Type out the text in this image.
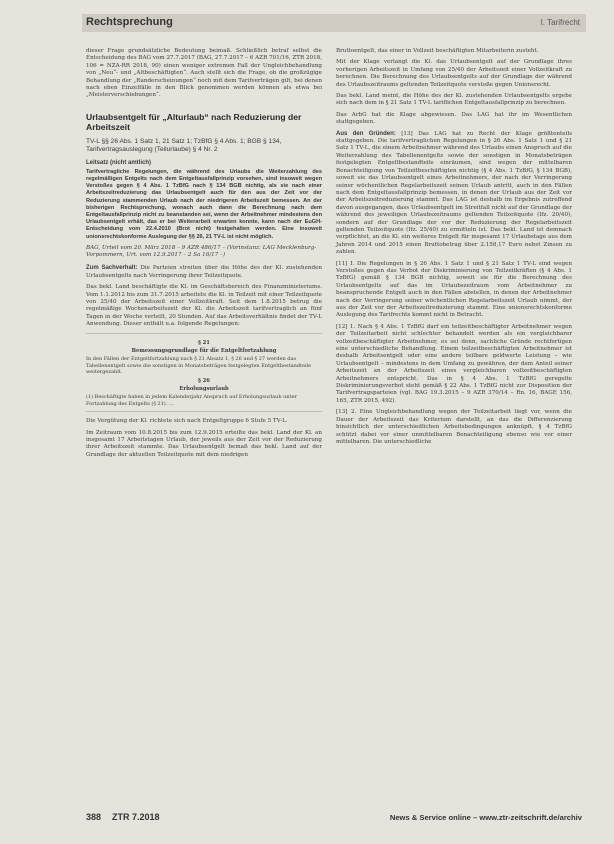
Rechtsprechung	I. Tarifrecht

dieser Frage grundsätzliche Bedeutung beimaß. Schließlich betraf selbst die Entscheidung des BAG vom 27.7.2017 (BAG, 27.7.2017 – 6 AZR 701/16, ZTR 2018, 106 = NZA-RR 2018, 90) einen weniger extremen Fall der Ungleichbehandlung von „Neu“- und „Altbeschäftigten“. Auch stellt sich die Frage, ob die großzügige Behandlung der „Randerscheinungen“ noch mit dem Tarifverträgen gilt, bei denen nach eben Einzelfälle in den Blick genommen werden können als etwa bei „Meisterverschiebungen“.

Urlaubsentgelt für „Alturlaub“ nach Reduzierung der Arbeitszeit
TV-L §§ 26 Abs. 1 Satz 1, 21 Satz 1; TzBfG § 4 Abs. 1; BGB § 134, Tarifvertragsauslegung (Teilurlaube) § 4 Nr. 2
Leitsatz (nicht amtlich)
Tarifvertragliche Regelungen, die während des Urlaubs die Weiterzahlung des regelmäßigen Entgelts nach dem Entgeltausfallprinzip vorsehen, sind insoweit wegen Verstoßes gegen § 4 Abs. 1 TzBfG nach § 134 BGB nichtig, als sie nach einer Arbeitszeitreduzierung das Urlaubsentgelt auch für den aus der Zeit vor der Reduzierung stammenden Urlaub nach der niedrigeren Arbeitszeit bemessen. An der bisherigen Rechtsprechung, wonach auch dann die Berechnung nach dem Entgeltausfallprinzip nicht zu beanstanden sei, wenn der Arbeitnehmer mindestens den Urlaubsentgelt erhält, das er bei Weiterarbeit erwarten konnte, kann nach der EuGH-Entscheidung vom 22.4.2010 (Brot nicht) festgehalten werden. Eine insoweit unionsrechtskonforme Auslegung der §§ 26, 21 TV-L ist nicht möglich.
BAG, Urteil vom 20. März 2018 – 9 AZR 486/17 – (Vorinstanz: LAG Mecklenburg-Vorpommern, Urt. vom 12.9.2017 – 2 Sa 16/17 –)

Zum Sachverhalt: Die Parteien streiten über die Höhe des der Kl. zustehenden Urlaubsentgelts nach Verringerung ihrer Teilzeitquote.

Das bekl. Land beschäftigte die Kl. im Geschäftsbereich des Finanzministeriums. Vom 1.1.2012 bis zum 31.7.2015 arbeitete die Kl. in Teilzeit mit einer Teilzeitquote von 25/40 der Arbeitszeit einer Vollzeitkraft. Seit dem 1.8.2015 betrug die regelmäßige Wochenarbeitszeit der Kl. die Arbeitszeit tarifvertraglich an fünf Tagen in der Woche verteilt, 20 Stunden. Auf das Arbeitsverhältnis findet der TV-L Anwendung. Dieser enthält u.a. folgende Regelungen:

§ 21
Bemessungsgrundlage für die Entgeltfortzahlung
In den Fällen der Entgeltfortzahlung nach § 21 Absatz 1, § 26 und § 27 werden das Tabellenentgelt sowie die sonstigen in Monatsbeträgen festgelegten Entgeltbestandteile weitergezahlt.
§ 26
Erholungsurlaub
(1) Beschäftigte haben in jedem Kalenderjahr Anspruch auf Erholungsurlaub unter Fortzahlung des Entgelts (§ 21). ...

Die Vergütung der Kl. richtete sich nach Entgeltgruppe 6 Stufe 5 TV-L.

Im Zeitraum vom 10.8.2015 bis zum 12.9.2015 erteilte das bekl. Land der Kl. an insgesamt 17 Arbeitstagen Urlaub, der jeweils aus der Zeit vor der Reduzierung ihrer Arbeitszeit stammte. Das Urlaubsentgelt bemaß das bekl. Land auf der Grundlage der aktuellen Teilzeitquote mit dem niedrigen

Bruttoentgelt, das einer in Vollzeit beschäftigten Mitarbeiterin zusteht.

Mit der Klage verlangt die Kl. das Urlaubsentgelt auf der Grundlage ihres vorherigen Arbeitszeit in Umfang von 25/40 der Arbeitszeit einer Vollzeitkraft zu berechnen. Die Berechnung des Urlaubsentgelts auf der Grundlage der während des Urlaubszeitraums geltenden Teilzeitquote verstoße gegen Unionsrecht.

Das bekl. Land meint, die Höhe des der Kl. zustehenden Urlaubsentgelts ergebe sich nach dem in § 21 Satz 1 TV-L tariflichen Entgeltausfallprinzip zu berechnen.

Das ArbG hat die Klage abgewiesen. Das LAG hat ihr im Wesentlichen stattgegeben.

Aus den Gründen: [13] Das LAG hat zu Recht der Klage größtenteils stattgegeben. Die tarifvertraglichen Regelungen in § 26 Abs. 1 Satz 1 und § 21 Satz 1 TV-L, die einem Arbeitnehmer während des Urlaubs einen Anspruch auf die Weiterzahlung des Tabellenentgelts sowie der sonstigen in Monatsbeträgen festgelegten Entgeltbestandteile einräumen, sind wegen der mittelbaren Benachteiligung von Teilzeitbeschäftigten nichtig (§ 4 Abs. 1 TzBfG, § 134 BGB), soweit sie das Urlaubsentgelt eines Arbeitnehmers, der nach der Verringerung seiner wöchentlichen Regelarbeitszeit seinen Urlaub antritt, auch in den Fällen nach dem Entgeltausfallprinzip bemessen, in denen der Urlaub aus der Zeit vor der Arbeitszeitreduzierung stammt. Das LAG ist deshalb im Ergebnis zutreffend davon ausgegangen, dass Urlaubsentgelt im Streitfall nicht auf der Grundlage der während des jeweiligen Urlaubszeitraums geltenden Teilzeitquote (Ifz. 20/40), sondern auf der Grundlage der vor der Reduzierung der Regelarbeitszeit geltenden Teilzeitquote (Ifz. 25/40) zu ermitteln ist. Das bekl. Land ist demnach verpflichtet, an die Kl. ein weiteres Entgelt für insgesamt 17 Urlaubstage aus dem Jahren 2014 und 2015 einen Bruttobetrag über 2.158,17 Euro nebst Zinsen zu zahlen.

[11] I. Die Regelungen in § 26 Abs. 1 Satz 1 und § 21 Satz 1 TV-L sind wegen Verstoßes gegen das Verbot der Diskriminierung von Teilzeitkräften (§ 4 Abs. 1 TzBfG) gemäß § 134 BGB nichtig, soweit sie für die Berechnung des Urlaubsentgelts auf das im Urlaubszeitraum vom Arbeitnehmer zu beanspruchende Entgelt auch in den Fällen abstellen, in denen der Arbeitnehmer nach der Verringerung seiner wöchentlichen Regelarbeitszeit Urlaub nimmt, der aus der Zeit vor der Arbeitszeitreduzierung stammt. Eine unionsrechtskonforme Auslegung des Tarifrechts kommt nicht in Betracht.

[12] 1. Nach § 4 Abs. 1 TzBfG darf ein teilzeitbeschäftigter Arbeitnehmer wegen der Teilzeitarbeit nicht schlechter behandelt werden als ein vergleichbarer vollzeitbeschäftigter Arbeitnehmer, es sei denn, sachliche Gründe rechtfertigen eine unterschiedliche Behandlung. Einem teilzeitbeschäftigten Arbeitnehmer ist deshalb Arbeitsentgelt oder eine andere teilbare geldwerte Leistung – wie Urlaubsentgelt – mindestens in dem Umfang zu gewähren, der dem Anteil seiner Arbeitszeit an der Arbeitszeit eines vergleichbaren vollzeitbeschäftigten Arbeitnehmers entspricht. Das in § 4 Abs. 1 TzBfG geregelte Diskriminierungsverbot steht gemäß § 22 Abs. 1 TzBfG nicht zur Disposition der Tarifvertragsparteien (vgl. BAG 19.3.2015 – 9 AZR 370/14 – Rn. 16, BAGE 156, 165, ZTR 2015, 492).

[13] 2. Eine Ungleichbehandlung wegen der Teilzeitarbeit liegt vor, wenn die Dauer der Arbeitszeit das Kriterium darstellt, an das die Differenzierung hinsichtlich der unterschiedlichen Arbeitsbedingungen anknüpft. § 4 TzBfG schützt dabei vor einer unmittelbaren Benachteiligung ebenso wie vor einer mittelbaren. Die unterschiedliche

388 ZTR 7.2018	News & Service online – www.ztr-zeitschrift.de/archiv
